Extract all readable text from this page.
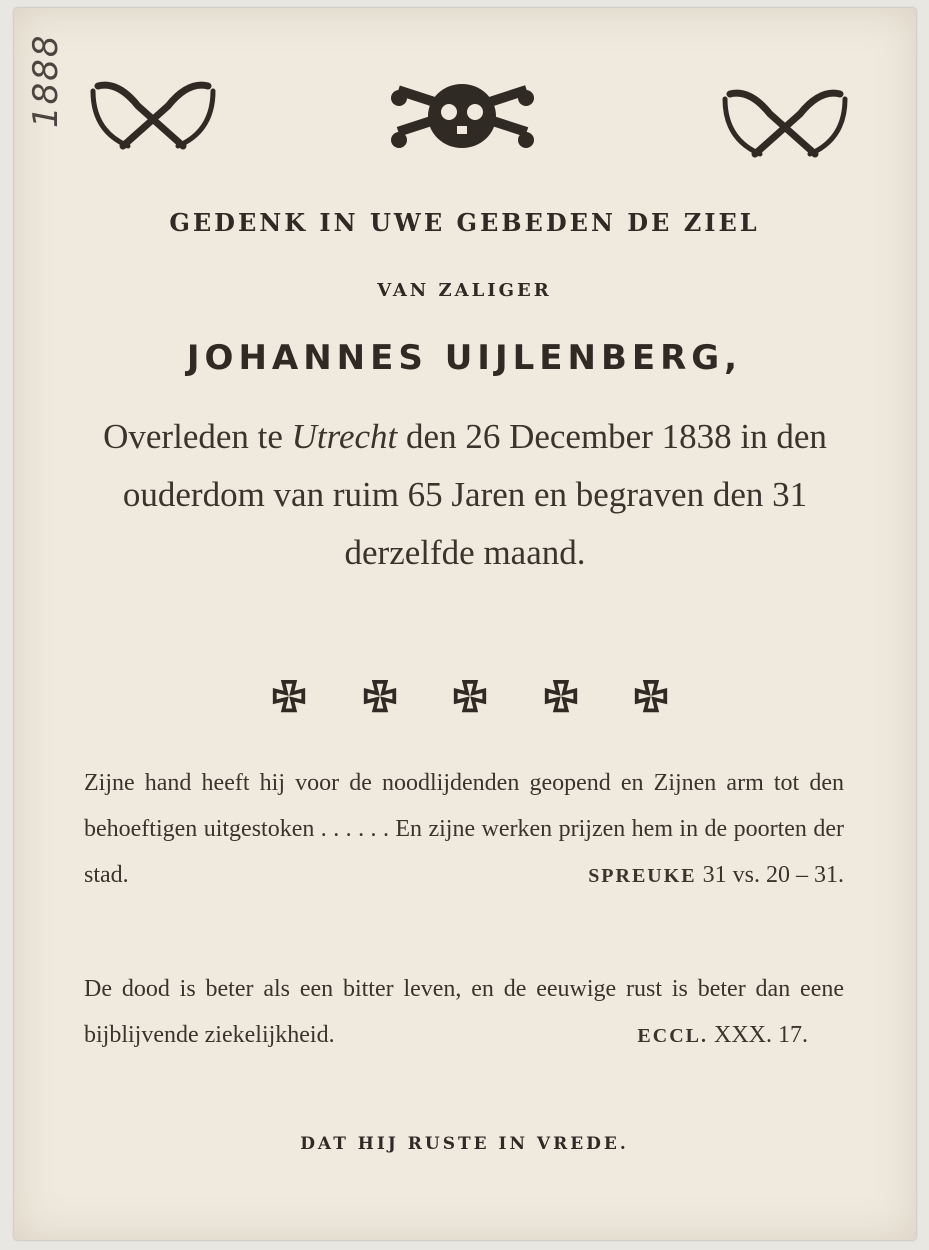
1888
GEDENK IN UWE GEBEDEN DE ZIEL
VAN ZALIGER
JOHANNES UIJLENBERG,
Overleden te Utrecht den 26 December 1838 in den ouderdom van ruim 65 Jaren en begraven den 31 derzelfde maand.
Zijne hand heeft hij voor de noodlijdenden geopend en Zijnen arm tot den behoeftigen uitgestoken . . . . . . En zijne werken prijzen hem in de poorten der stad.	SPREUKE 31 vs. 20 – 31.
De dood is beter als een bitter leven, en de eeuwige rust is beter dan eene bijblijvende ziekelijkheid.	ECCL. XXX. 17.
DAT HIJ RUSTE IN VREDE.
